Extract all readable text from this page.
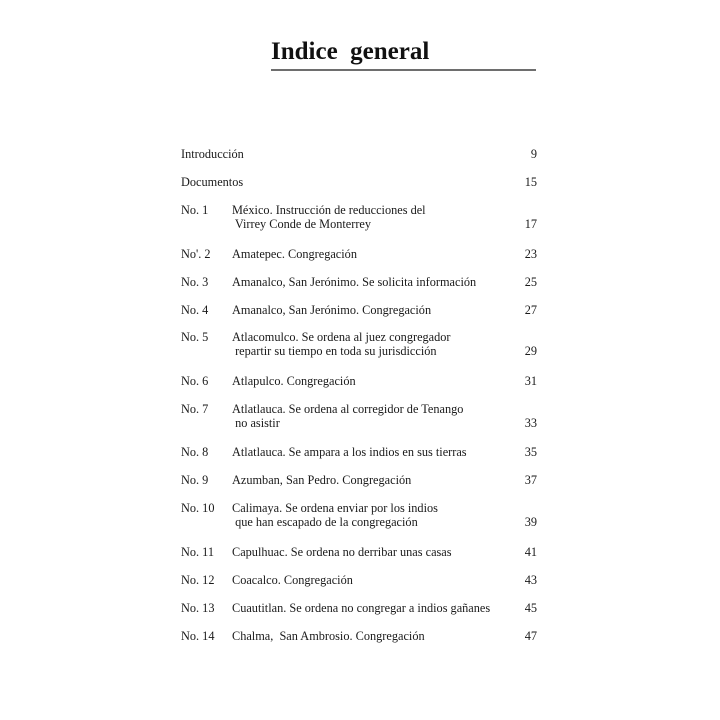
Indice  general
Introducción	9
Documentos	15
No. 1 México. Instrucción de reducciones del
Virrey Conde de Monterrey	17
No'. 2 Amatepec. Congregación	23
No. 3 Amanalco, San Jerónimo. Se solicita información	25
No. 4 Amanalco, San Jerónimo. Congregación	27
No. 5 Atlacomulco. Se ordena al juez congregador
repartir su tiempo en toda su jurisdicción	29
No. 6 Atlapulco. Congregación	31
No. 7 Atlatlauca. Se ordena al corregidor de Tenango
no asistir	33
No. 8 Atlatlauca. Se ampara a los indios en sus tierras	35
No. 9 Azumban, San Pedro. Congregación	37
No. 10 Calimaya. Se ordena enviar por los indios
que han escapado de la congregación	39
No. 11 Capulhuac. Se ordena no derribar unas casas	41
No. 12 Coacalco. Congregación	43
No. 13 Cuautitlan. Se ordena no congregar a indios gañanes	45
No. 14 Chalma,  San Ambrosio. Congregación	47
